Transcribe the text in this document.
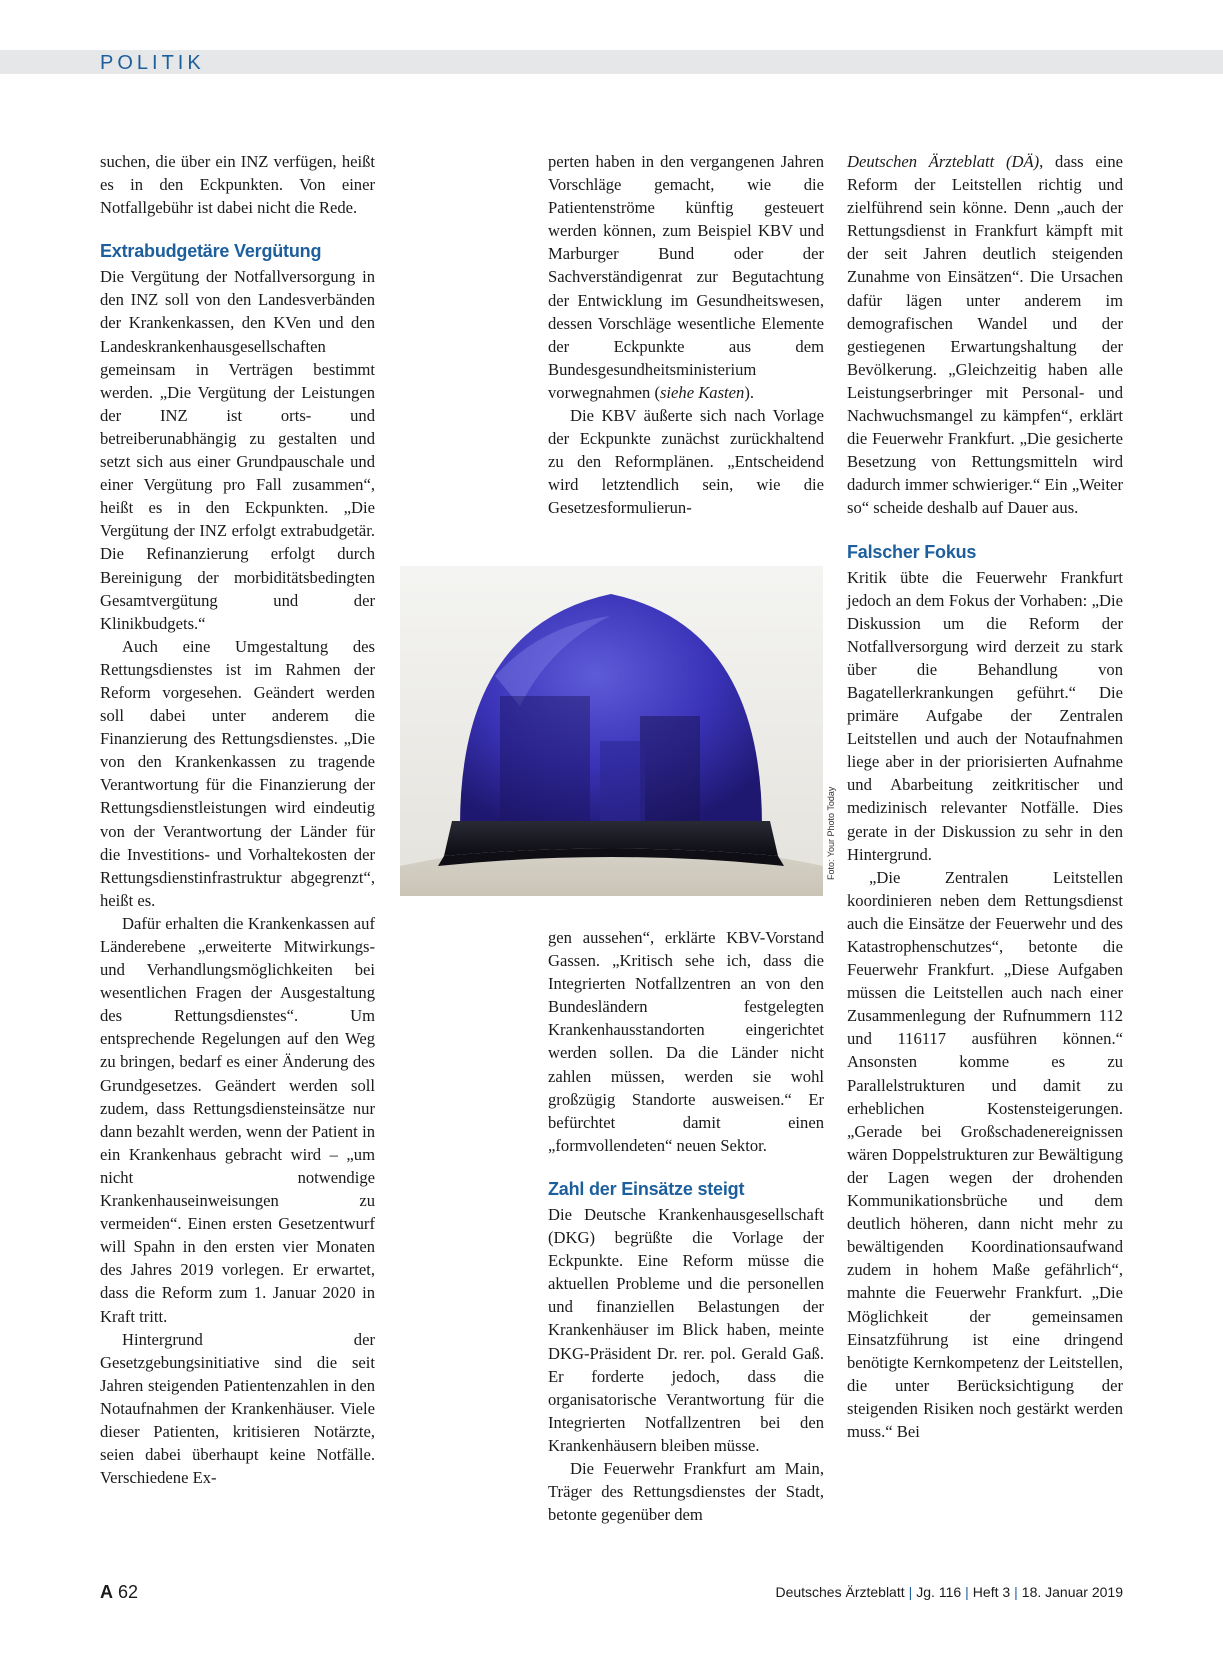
POLITIK

suchen, die über ein INZ verfügen, heißt es in den Eckpunkten. Von einer Notfallgebühr ist dabei nicht die Rede.

Extrabudgetäre Vergütung

Die Vergütung der Notfallversorgung in den INZ soll von den Landesverbänden der Krankenkassen, den KVen und den Landeskrankenhausgesellschaften gemeinsam in Verträgen bestimmt werden. „Die Vergütung der Leistungen der INZ ist orts- und betreiberunabhängig zu gestalten und setzt sich aus einer Grundpauschale und einer Vergütung pro Fall zusammen“, heißt es in den Eckpunkten. „Die Vergütung der INZ erfolgt extrabudgetär. Die Refinanzierung erfolgt durch Bereinigung der morbiditätsbedingten Gesamtvergütung und der Klinikbudgets.“

Auch eine Umgestaltung des Rettungsdienstes ist im Rahmen der Reform vorgesehen. Geändert werden soll dabei unter anderem die Finanzierung des Rettungsdienstes. „Die von den Krankenkassen zu tragende Verantwortung für die Finanzierung der Rettungsdienstleistungen wird eindeutig von der Verantwortung der Länder für die Investitions- und Vorhaltekosten der Rettungsdienstinfrastruktur abgegrenzt“, heißt es.

Dafür erhalten die Krankenkassen auf Länderebene „erweiterte Mitwirkungs- und Verhandlungsmöglichkeiten bei wesentlichen Fragen der Ausgestaltung des Rettungsdienstes“. Um entsprechende Regelungen auf den Weg zu bringen, bedarf es einer Änderung des Grundgesetzes. Geändert werden soll zudem, dass Rettungsdiensteinsätze nur dann bezahlt werden, wenn der Patient in ein Krankenhaus gebracht wird – „um nicht notwendige Krankenhauseinweisungen zu vermeiden“. Einen ersten Gesetzentwurf will Spahn in den ersten vier Monaten des Jahres 2019 vorlegen. Er erwartet, dass die Reform zum 1. Januar 2020 in Kraft tritt.

Hintergrund der Gesetzgebungsinitiative sind die seit Jahren steigenden Patientenzahlen in den Notaufnahmen der Krankenhäuser. Viele dieser Patienten, kritisieren Notärzte, seien dabei überhaupt keine Notfälle. Verschiedene Ex-

perten haben in den vergangenen Jahren Vorschläge gemacht, wie die Patientenströme künftig gesteuert werden können, zum Beispiel KBV und Marburger Bund oder der Sachverständigenrat zur Begutachtung der Entwicklung im Gesundheitswesen, dessen Vorschläge wesentliche Elemente der Eckpunkte aus dem Bundesgesundheitsministerium vorwegnahmen (siehe Kasten).

Die KBV äußerte sich nach Vorlage der Eckpunkte zunächst zurückhaltend zu den Reformplänen. „Entscheidend wird letztendlich sein, wie die Gesetzesformulierun-

Foto: Your Photo Today

gen aussehen“, erklärte KBV-Vorstand Gassen. „Kritisch sehe ich, dass die Integrierten Notfallzentren an von den Bundesländern festgelegten Krankenhausstandorten eingerichtet werden sollen. Da die Länder nicht zahlen müssen, werden sie wohl großzügig Standorte ausweisen.“ Er befürchtet damit einen „formvollendeten“ neuen Sektor.

Zahl der Einsätze steigt

Die Deutsche Krankenhausgesellschaft (DKG) begrüßte die Vorlage der Eckpunkte. Eine Reform müsse die aktuellen Probleme und die personellen und finanziellen Belastungen der Krankenhäuser im Blick haben, meinte DKG-Präsident Dr. rer. pol. Gerald Gaß. Er forderte jedoch, dass die organisatorische Verantwortung für die Integrierten Notfallzentren bei den Krankenhäusern bleiben müsse.

Die Feuerwehr Frankfurt am Main, Träger des Rettungsdienstes der Stadt, betonte gegenüber dem

Deutschen Ärzteblatt (DÄ), dass eine Reform der Leitstellen richtig und zielführend sein könne. Denn „auch der Rettungsdienst in Frankfurt kämpft mit der seit Jahren deutlich steigenden Zunahme von Einsätzen“. Die Ursachen dafür lägen unter anderem im demografischen Wandel und der gestiegenen Erwartungshaltung der Bevölkerung. „Gleichzeitig haben alle Leistungserbringer mit Personal- und Nachwuchsmangel zu kämpfen“, erklärt die Feuerwehr Frankfurt. „Die gesicherte Besetzung von Rettungsmitteln wird dadurch immer schwieriger.“ Ein „Weiter so“ scheide deshalb auf Dauer aus.

Falscher Fokus

Kritik übte die Feuerwehr Frankfurt jedoch an dem Fokus der Vorhaben: „Die Diskussion um die Reform der Notfallversorgung wird derzeit zu stark über die Behandlung von Bagatellerkrankungen geführt.“ Die primäre Aufgabe der Zentralen Leitstellen und auch der Notaufnahmen liege aber in der priorisierten Aufnahme und Abarbeitung zeitkritischer und medizinisch relevanter Notfälle. Dies gerate in der Diskussion zu sehr in den Hintergrund.

„Die Zentralen Leitstellen koordinieren neben dem Rettungsdienst auch die Einsätze der Feuerwehr und des Katastrophenschutzes“, betonte die Feuerwehr Frankfurt. „Diese Aufgaben müssen die Leitstellen auch nach einer Zusammenlegung der Rufnummern 112 und 116117 ausführen können.“ Ansonsten komme es zu Parallelstrukturen und damit zu erheblichen Kostensteigerungen. „Gerade bei Großschadenereignissen wären Doppelstrukturen zur Bewältigung der Lagen wegen der drohenden Kommunikationsbrüche und dem deutlich höheren, dann nicht mehr zu bewältigenden Koordinationsaufwand zudem in hohem Maße gefährlich“, mahnte die Feuerwehr Frankfurt. „Die Möglichkeit der gemeinsamen Einsatzführung ist eine dringend benötigte Kernkompetenz der Leitstellen, die unter Berücksichtigung der steigenden Risiken noch gestärkt werden muss.“ Bei

A 62	Deutsches Ärzteblatt | Jg. 116 | Heft 3 | 18. Januar 2019
